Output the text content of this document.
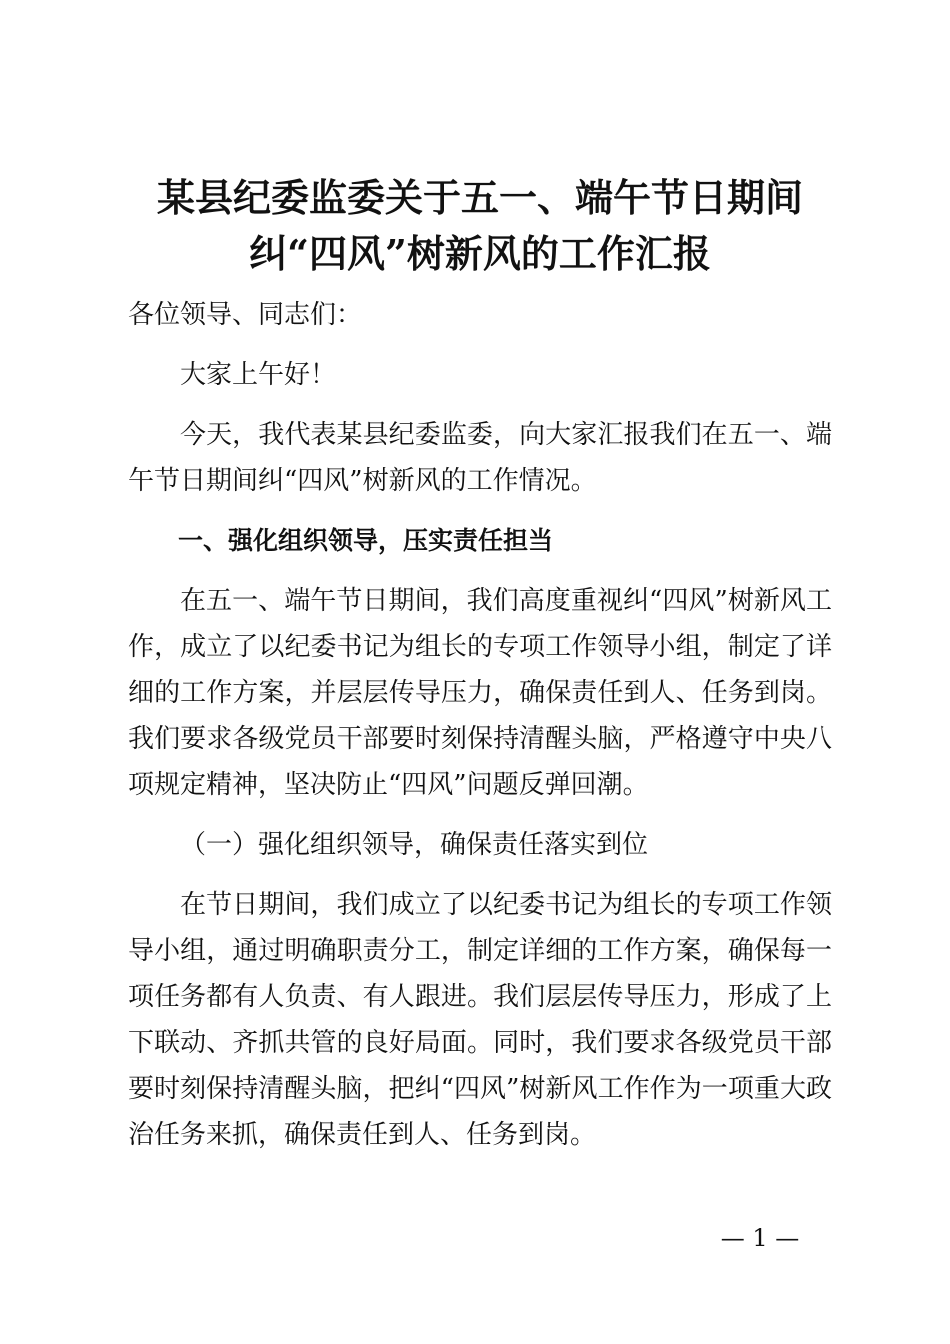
某县纪委监委关于五一、端午节日期间纠“四风”树新风的工作汇报

各位领导、同志们：

大家上午好！

今天，我代表某县纪委监委，向大家汇报我们在五一、端午节日期间纠“四风”树新风的工作情况。

一、强化组织领导，压实责任担当

在五一、端午节日期间，我们高度重视纠“四风”树新风工作，成立了以纪委书记为组长的专项工作领导小组，制定了详细的工作方案，并层层传导压力，确保责任到人、任务到岗。我们要求各级党员干部要时刻保持清醒头脑，严格遵守中央八项规定精神，坚决防止“四风”问题反弹回潮。

（一）强化组织领导，确保责任落实到位

在节日期间，我们成立了以纪委书记为组长的专项工作领导小组，通过明确职责分工，制定详细的工作方案，确保每一项任务都有人负责、有人跟进。我们层层传导压力，形成了上下联动、齐抓共管的良好局面。同时，我们要求各级党员干部要时刻保持清醒头脑，把纠“四风”树新风工作作为一项重大政治任务来抓，确保责任到人、任务到岗。

— 1 —
